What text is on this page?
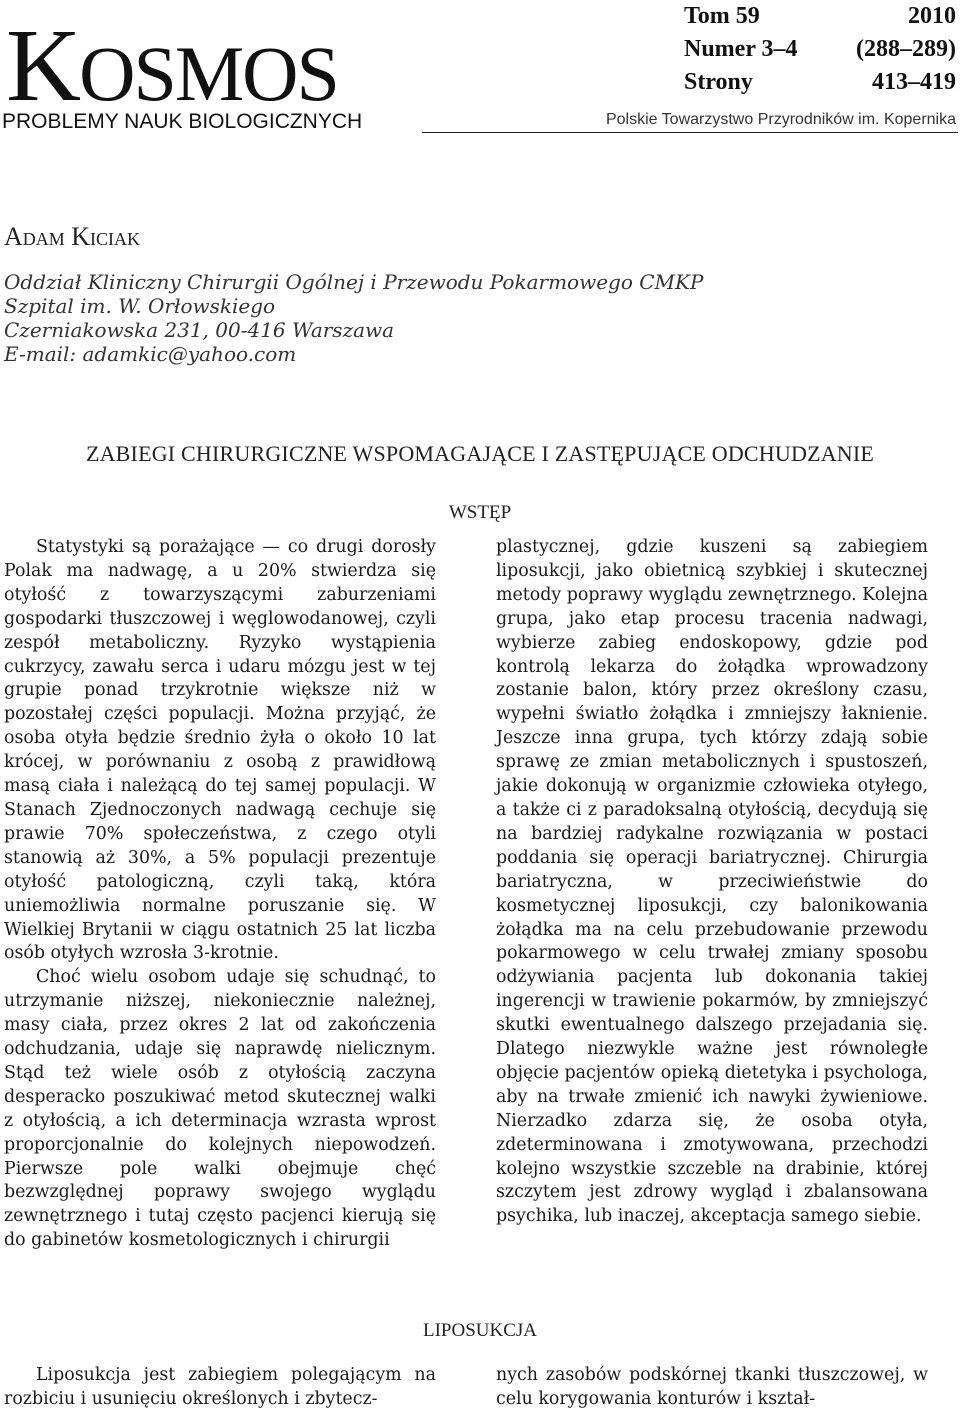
KOSMOS
PROBLEMY NAUK BIOLOGICZNYCH
Tom 59	2010
Numer 3–4 (288–289)
Strony	413–419
Polskie Towarzystwo Przyrodników im. Kopernika
Adam Kiciak
Oddział Kliniczny Chirurgii Ogólnej i Przewodu Pokarmowego CMKP
Szpital im. W. Orłowskiego
Czerniakowska 231, 00-416 Warszawa
E-mail: adamkic@yahoo.com
ZABIEGI CHIRURGICZNE WSPOMAGAJĄCE I ZASTĘPUJĄCE ODCHUDZANIE
WSTĘP

Statystyki są porażające — co drugi dorosły Polak ma nadwagę, a u 20% stwierdza się otyłość z towarzyszącymi zaburzeniami gospodarki tłuszczowej i węglowodanowej, czyli zespół metaboliczny. Ryzyko wystąpienia cukrzycy, zawału serca i udaru mózgu jest w tej grupie ponad trzykrotnie większe niż w pozostałej części populacji. Można przyjąć, że osoba otyła będzie średnio żyła o około 10 lat krócej, w porównaniu z osobą z prawidłową masą ciała i należącą do tej samej populacji. W Stanach Zjednoczonych nadwagą cechuje się prawie 70% społeczeństwa, z czego otyli stanowią aż 30%, a 5% populacji prezentuje otyłość patologiczną, czyli taką, która uniemożliwia normalne poruszanie się. W Wielkiej Brytanii w ciągu ostatnich 25 lat liczba osób otyłych wzrosła 3-krotnie.

Choć wielu osobom udaje się schudnąć, to utrzymanie niższej, niekoniecznie należnej, masy ciała, przez okres 2 lat od zakończenia odchudzania, udaje się naprawdę nielicznym. Stąd też wiele osób z otyłością zaczyna desperacko poszukiwać metod skutecznej walki z otyłością, a ich determinacja wzrasta wprost proporcjonalnie do kolejnych niepowodzeń. Pierwsze pole walki obejmuje chęć bezwzględnej poprawy swojego wyglądu zewnętrznego i tutaj często pacjenci kierują się do gabinetów kosmetologicznych i chirurgii

plastycznej, gdzie kuszeni są zabiegiem liposukcji, jako obietnicą szybkiej i skutecznej metody poprawy wyglądu zewnętrznego. Kolejna grupa, jako etap procesu tracenia nadwagi, wybierze zabieg endoskopowy, gdzie pod kontrolą lekarza do żołądka wprowadzony zostanie balon, który przez określony czasu, wypełni światło żołądka i zmniejszy łaknienie. Jeszcze inna grupa, tych którzy zdają sobie sprawę ze zmian metabolicznych i spustoszeń, jakie dokonują w organizmie człowieka otyłego, a także ci z paradoksalną otyłością, decydują się na bardziej radykalne rozwiązania w postaci poddania się operacji bariatrycznej. Chirurgia bariatryczna, w przeciwieństwie do kosmetycznej liposukcji, czy balonikowania żołądka ma na celu przebudowanie przewodu pokarmowego w celu trwałej zmiany sposobu odżywiania pacjenta lub dokonania takiej ingerencji w trawienie pokarmów, by zmniejszyć skutki ewentualnego dalszego przejadania się. Dlatego niezwykle ważne jest równoległe objęcie pacjentów opieką dietetyka i psychologa, aby na trwałe zmienić ich nawyki żywieniowe. Nierzadko zdarza się, że osoba otyła, zdeterminowana i zmotywowana, przechodzi kolejno wszystkie szczeble na drabinie, której szczytem jest zdrowy wygląd i zbalansowana psychika, lub inaczej, akceptacja samego siebie.

LIPOSUKCJA

Liposukcja jest zabiegiem polegającym na rozbiciu i usunięciu określonych i zbytecz-

nych zasobów podskórnej tkanki tłuszczowej, w celu korygowania konturów i kształ-
